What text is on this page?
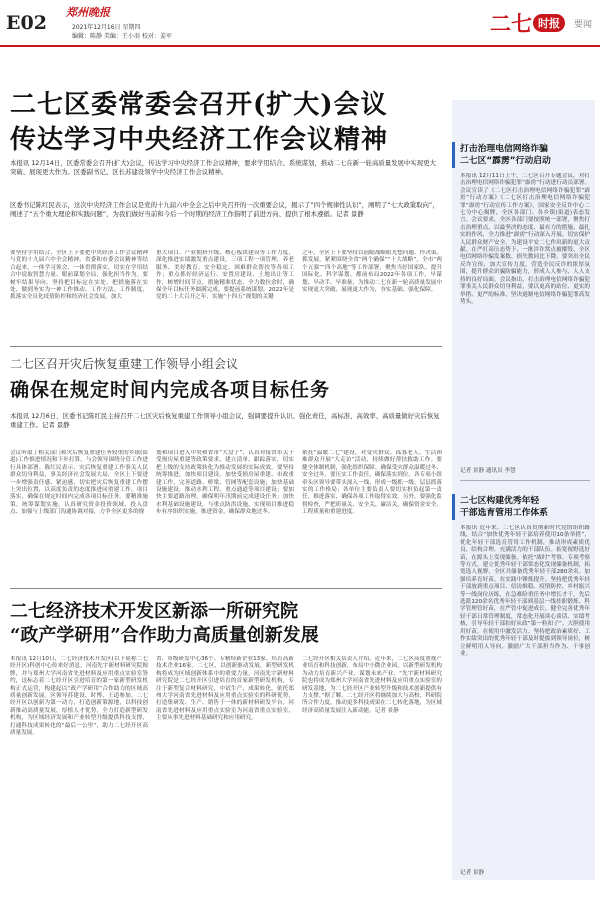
E02 郑州晚报
2021年12月16日 星期四
编辑：陈静 美编：王小羽 校对：姜军
二七 时报	要闻
二七区委常委会召开(扩大)会议
传达学习中央经济工作会议精神
本报讯 12月14日，区委常委会召开(扩大)会议，传达学习中央经济工作会议精神，要求学用结合、系统谋划，推动二七在新一轮高质量发展中实现更大突破、展现更大作为。区委副书记、区长苏建设领学中央经济工作会议精神。
区委书记陈红民表示，这次中央经济工作会议是党的十九届六中全会之后中央召开的一次重要会议，揭示了“四个规律性认识”，阐明了“七大政策取向”，阐述了“五个重大理论和实践问题”，为我们做好当前和今后一个时期的经济工作指明了前进方向、提供了根本遵循。记者 景静
要坚持学用结合，全区上下要把中央经济工作会议精神与党的十九届六中全会精神、省委和市委会议精神等结合起来，一体学习领会、一体贯彻落实，切实在学用结合中说取智慧力量、眼前谋划全局，强化担当作为。要树牢结果导向。坚持把目标定在实处、把措施落在实处，做到务实为一神工作推动、工作方法、工作制度、抓落实全员化疫情防控和经济社会发展，加大
重大项目、产业拥挤升级、核心板块建设等工作力度，深化推进实绩激发重点建设，三项工程一项管理，养老服务、美好教育、安全稳定、困难群众帮扶等各项工作；重点抓好经济运行、安置房建设、土地出让等工作，树增时间节点，措施精准状态，全力数拉余时，确保全年目标任务圆满完成。要提前系统谋划。2022年是党的二十大召开之年、实施“十四五”规划的关键
之年，全区上下要坚持以前瞻战略眼光想问题、作决策、抓发展，紧紧围绕全省“两个确保”“十大战略”，全市“两个五强”“四个高地”等工作部署，聚焦当好国家队、提升国际化、科学谋划、都前布局2022年各项工作，早谋划、早动手、早准备，为推动二七在新一轮高质量发展中实现更大突破、展现更大作为，夯实基础、强化保障。
二七区召开灾后恢复重建工作领导小组会议
确保在规定时间内完成各项目标任务
本报讯 12月6日，区委书记陈红民主持召开二七区灾后恢复重建工作领导小组会议，强调要提升认识、强化责任，高标准、高效率、高质量做好灾后恢复重建工作。记者 景静
会议听取了相关部门和灾后恢复重建任务较重的乡镇(街道)工作推进情况和下步打算，与会领导围绕分管工作进行具体部署。陈红民表示，灾后恢复重建工作事关人民群众切身利益，事关经济社会发展大局，全区上下要进一步增强责任感、紧迫感，切实把灾后恢复重建工作摆上突出位置，以高度负责的态度推进同重建工作。项目落实，确保在规定时间内完成各项目标任务。要精准施策，统筹谋划实施。认真研究资金投资领域、投入盘点、加强与上级部门沟通协调对接，力争全区更多的规
划和项目进入中央和省市“大盘子”，认真对接省市关于受损房屋重建等政策要求，建立清单、跟踪落实，切实把上级的支持政策转化为推动发展的实际成效。要坚持统筹推进，加快项目建设。加快受损房屋重建、市政重建工作，完善道路、桥梁、管网等配套设施；加快基础设施建设，推动水利工程、重点通道等项目建设；要加快主要道路治理，确保明年汛期前完成建设任务；加快水利基础设施建设，与重点防洪设施，实现项目推进稳步有序组织实施，推进资金，确保群众地过冬。
依托“温暖二七”建设，对受灾群众、孤寡老人、生活困难群众开展“大走访”活动，持续做好帮扶救助工作。要健全体制机制，强化组织保障。确保受灾群众温暖过冬、安全过冬。要压实工作责任，确保落实到位。各专项小组牵头区领导要带头深入一线、形成一级抓一级、层层抓落实的工作格局；各单位主要负责人要切实担负起第一责任，推进落实，确保各项工作取得实效。另外，要强化监督检查，严把质量关、安全关、廉洁关，确保资金安全、工程质量和重建进度。
二七经济技术开发区新添一所研究院
“政产学研用”合作助力高质量创新发展
本报讯 12月10日，二七经济技术开发区(以下简称二七经开区)科创中心传来好消息，河南先宇新材料研究院揭牌，并与郑州大学河南省先进材料及应用重点实验室签约，这标志着二七经开区引进培育的第一家新型研发机构正式运营，构建起以“政产学研用”合作助力的区域高质量创新发展。区领导苏建设、时博、王道参加。二七经开区以创新为第一动力，打造创新策源地，以科技创新推动高质量发展，厚植人才优势，全力打造新型研发机构，为区域经济发展和产业转型升级提供科技支撑，打通科技成果转化的“最后一公里”，助力二七经开区高质量发展。
省、市级研发中心36个、专精特新企业13家、培育高新技术企业16家。二七区，以创新驱动发展，新型研发机构将成为区域创新体系中的重要力量。河南先宇新材料研究院是二七经开区引进培育的首家新型研发机构，专注于新型复合材料研究、中试生产、成果转化，依托郑州大学河南省先进材料及应用重点实验室的科研优势，打造集研发、生产、销售于一体的新材料研发平台。河南省先进材料及应用重点实验室为河南省重点实验室，主要从事先进材料基础研究和应用研究。
二七经开区相关负责人介绍，近年来，二七区高度重视产业培育和科技创新，布局中小微企业园，以新型研发机构为动力培育新兴产业、谋划未来产业。“先宇新材料研究院也将成为郑州大学河南省先进材料及应用重点实验室的研发基地，为二七经开区产业转型升级和技术创新提供有力支撑。”据了解，二七经开区将继续加大与高校、科研院所合作力度，推动更多科技成果在二七转化落地，为区域经济高质量发展注入新动能。记者 景静
打击治理电信网络诈骗
二七区“霹雳”行动启动
本报讯 12月11日上午，二七区召开专题会议，对打击治理电信网络诈骗犯罪“霹雳”行动进行动员部署。会议宣读了《二七区打击治理电信网络诈骗犯罪“霹雳”行动方案》《二七区打击治理电信网络诈骗犯罪“霹雳”行动宣传工作方案》，国家安全反诈中心二七分中心揭牌，全区各部门、各乡镇(街道)表态发言。会议要求，全区各部门要按照统一部署，聚焦打击治理重点，以最坚决的态度、最有力的措施、最扎实的作风，全力推进“霹雳”行动深入开展，切实保护人民群众财产安全，为建设平安二七作出新的更大贡献。在严打高压态势下，一批涉诈窝点被摧毁，全区电信网络诈骗发案数、损失数同比下降。要突出全民反诈宣传，加大宣传力度，营造全民反诈的浓厚氛围，提升群众识骗防骗能力，形成人人参与、人人支持的良好局面。会议指出，打击治理电信网络诈骗犯罪事关人民群众切身利益，要以更高的站位、更实的举措、更严的标准，坚决遏制电信网络诈骗犯罪高发势头。
记者 景静 通讯员 李慧
二七区构建优秀年轻
干部选育管用工作体系
本报讯 近年来，二七区认真贯彻新时代党的组织路线，结合“加快优秀年轻干部培养使用10条举措”，优化年轻干部选育管用工作机制，推动形成素质优良、结构合理、充满活力的干部队伍。拓宽视野选好苗，在源头上发现储备。依托“战时”考察、专项考察等方式，建立优秀年轻干部常态化发现储备机制，拓宽选人视野，全区共储备优秀年轻干部280余名。加强培养育好苗，在实践中锤炼提升。坚持把优秀年轻干部放到重点项目、信访维稳、疫情防控、乡村振兴等一线岗位历练，在急难险重任务中增长才干，先后选派120余名优秀年轻干部到基层一线挂职锻炼。科学管理管好苗，在严管中促进成长。健全完善优秀年轻干部日常管理制度，常态化开展谈心谈话、实绩考核，引导年轻干部扣好从政“第一粒扣子”。大胆使用用好苗，在使用中激发活力。坚持把政治素质好、工作实绩突出的优秀年轻干部及时提拔到领导岗位，树立鲜明用人导向，激励广大干部担当作为、干事创业。
记者 景静
